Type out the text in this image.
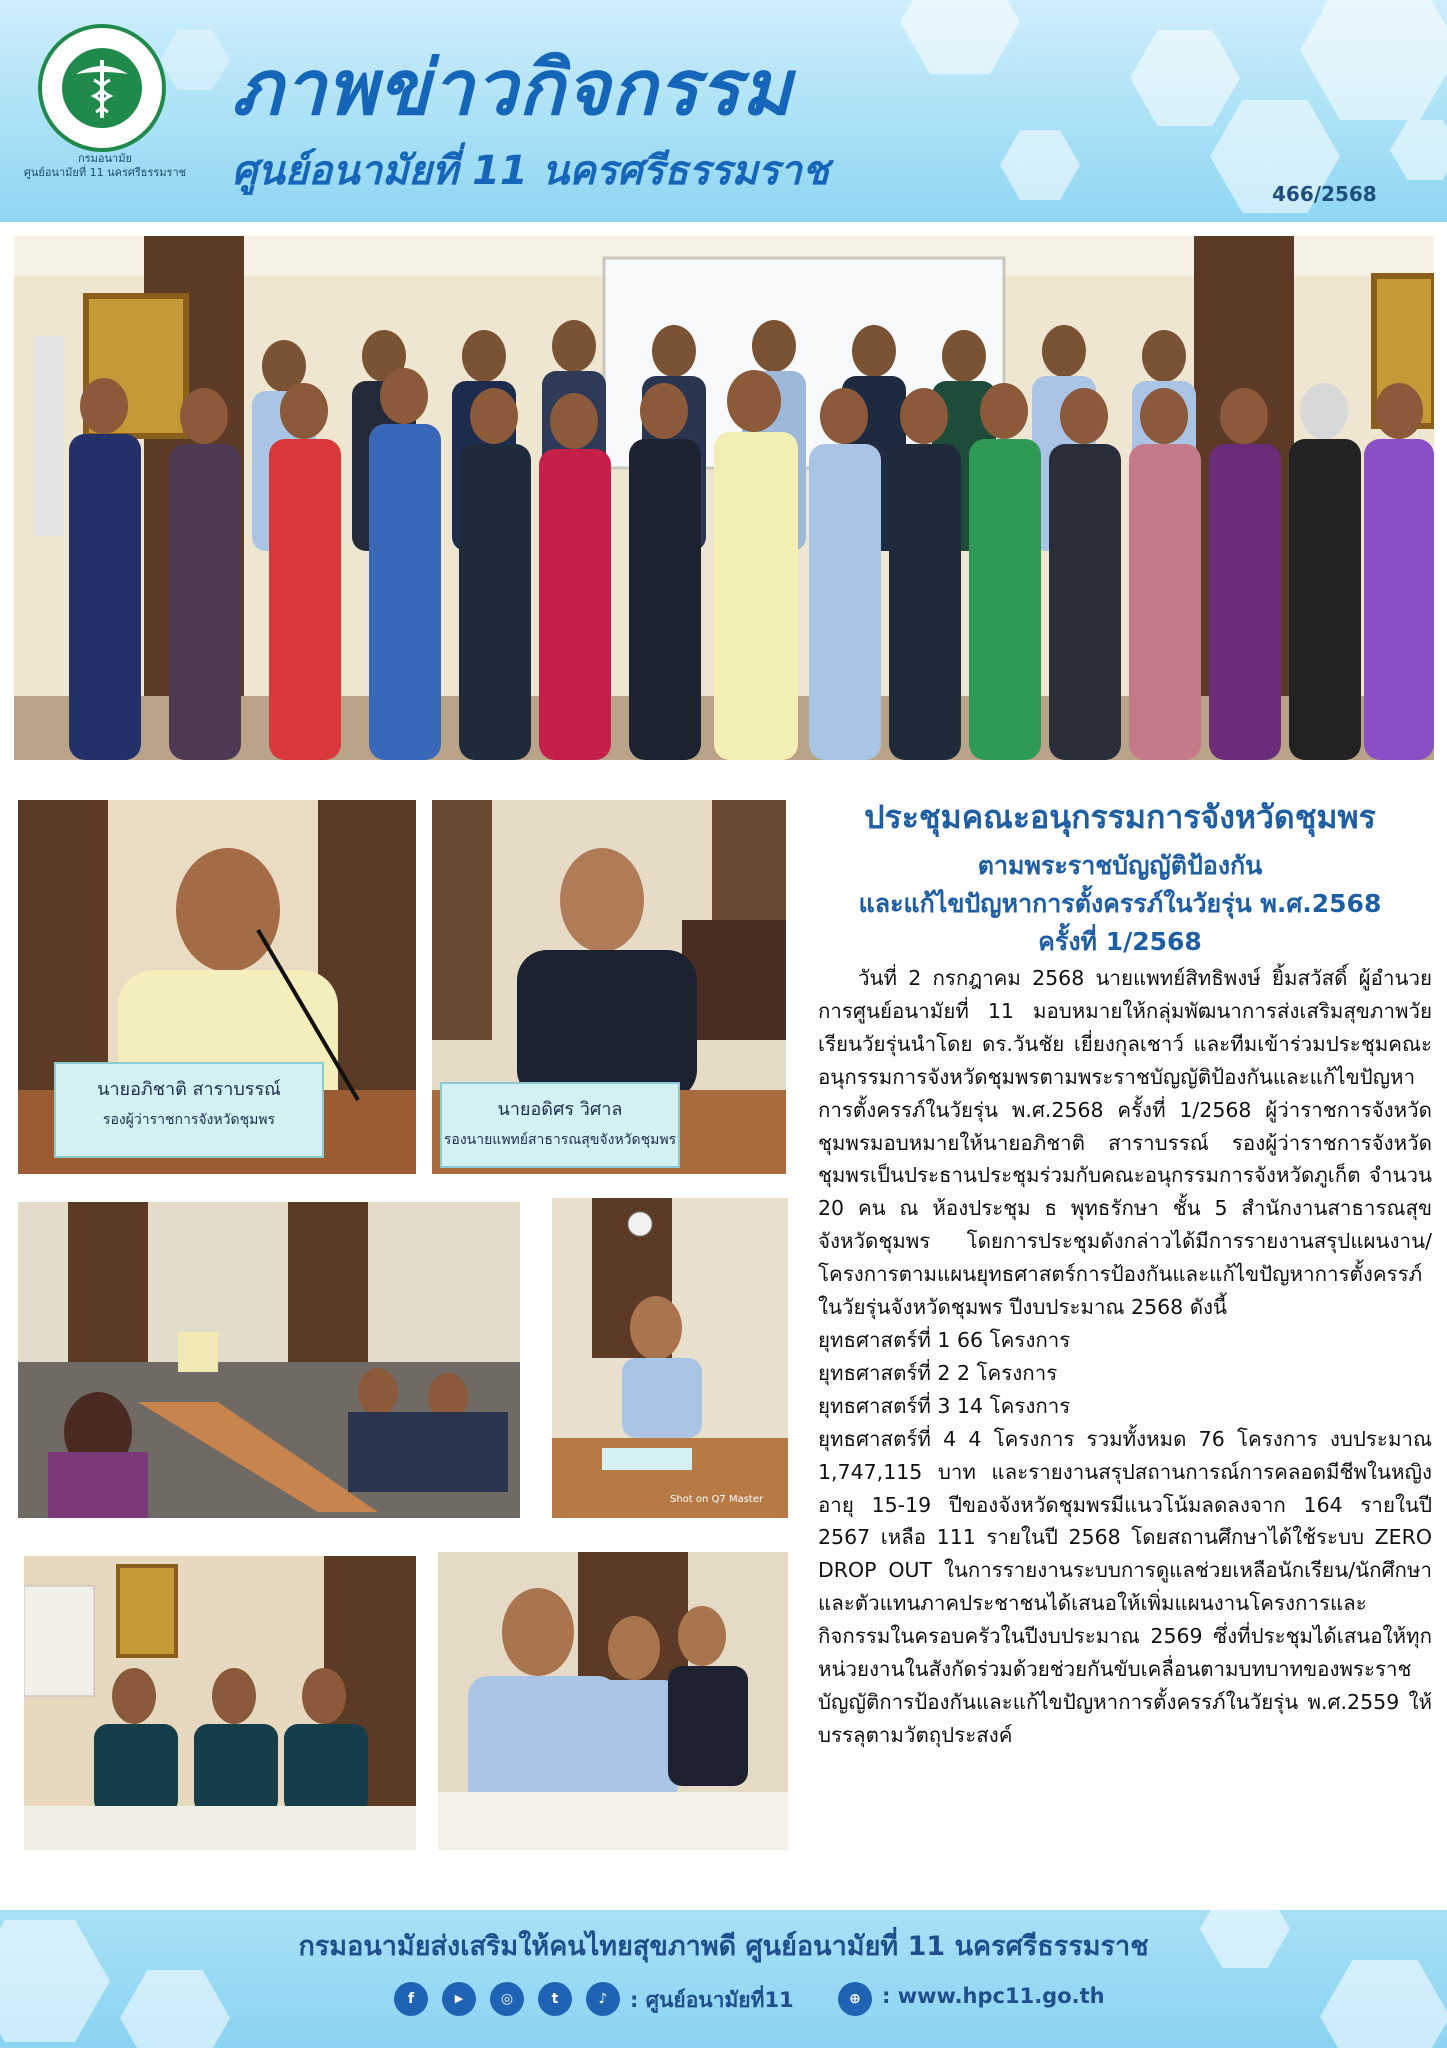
กรมอนามัย
ศูนย์อนามัยที่ 11 นครศรีธรรมราช
ภาพข่าวกิจกรรม
ศูนย์อนามัยที่ 11 นครศรีธรรมราช	466/2568
นายอภิชาติ สาราบรรณ์
รองผู้ว่าราชการจังหวัดชุมพร	นายอดิศร วิศาล
รองนายแพทย์สาธารณสุขจังหวัดชุมพร
Shot on Q7 Master
ประชุมคณะอนุกรรมการจังหวัดชุมพร
ตามพระราชบัญญัติป้องกัน
และแก้ไขปัญหาการตั้งครรภ์ในวัยรุ่น พ.ศ.2568
ครั้งที่ 1/2568

วันที่ 2 กรกฎาคม 2568 นายแพทย์สิทธิพงษ์ ยิ้มสวัสดิ์ ผู้อำนวยการศูนย์อนามัยที่ 11 มอบหมายให้กลุ่มพัฒนาการส่งเสริมสุขภาพวัยเรียนวัยรุ่นนำโดย ดร.วันชัย เยี่ยงกุลเชาว์ และทีมเข้าร่วมประชุมคณะอนุกรรมการจังหวัดชุมพรตามพระราชบัญญัติป้องกันและแก้ไขปัญหาการตั้งครรภ์ในวัยรุ่น พ.ศ.2568 ครั้งที่ 1/2568 ผู้ว่าราชการจังหวัดชุมพรมอบหมายให้นายอภิชาติ สาราบรรณ์ รองผู้ว่าราชการจังหวัดชุมพรเป็นประธานประชุมร่วมกับคณะอนุกรรมการจังหวัดภูเก็ต จำนวน 20 คน ณ ห้องประชุม ธ พุทธรักษา ชั้น 5 สำนักงานสาธารณสุขจังหวัดชุมพร โดยการประชุมดังกล่าวได้มีการรายงานสรุปแผนงาน/โครงการตามแผนยุทธศาสตร์การป้องกันและแก้ไขปัญหาการตั้งครรภ์ในวัยรุ่นจังหวัดชุมพร ปีงบประมาณ 2568 ดังนี้

ยุทธศาสตร์ที่ 1 66 โครงการ

ยุทธศาสตร์ที่ 2 2 โครงการ

ยุทธศาสตร์ที่ 3 14 โครงการ

ยุทธศาสตร์ที่ 4 4 โครงการ รวมทั้งหมด 76 โครงการ งบประมาณ 1,747,115 บาท และรายงานสรุปสถานการณ์การคลอดมีชีพในหญิงอายุ 15-19 ปีของจังหวัดชุมพรมีแนวโน้มลดลงจาก 164 รายในปี 2567 เหลือ 111 รายในปี 2568 โดยสถานศึกษาได้ใช้ระบบ ZERO DROP OUT ในการรายงานระบบการดูแลช่วยเหลือนักเรียน/นักศึกษาและตัวแทนภาคประชาชนได้เสนอให้เพิ่มแผนงานโครงการและกิจกรรมในครอบครัวในปีงบประมาณ 2569 ซึ่งที่ประชุมได้เสนอให้ทุกหน่วยงานในสังกัดร่วมด้วยช่วยกันขับเคลื่อนตามบทบาทของพระราชบัญญัติการป้องกันและแก้ไขปัญหาการตั้งครรภ์ในวัยรุ่น พ.ศ.2559 ให้บรรลุตามวัตถุประสงค์

กรมอนามัยส่งเสริมให้คนไทยสุขภาพดี ศูนย์อนามัยที่ 11 นครศรีธรรมราช
f	▶	◎	t	♪	: ศูนย์อนามัยที่11	⊕	: www.hpc11.go.th
